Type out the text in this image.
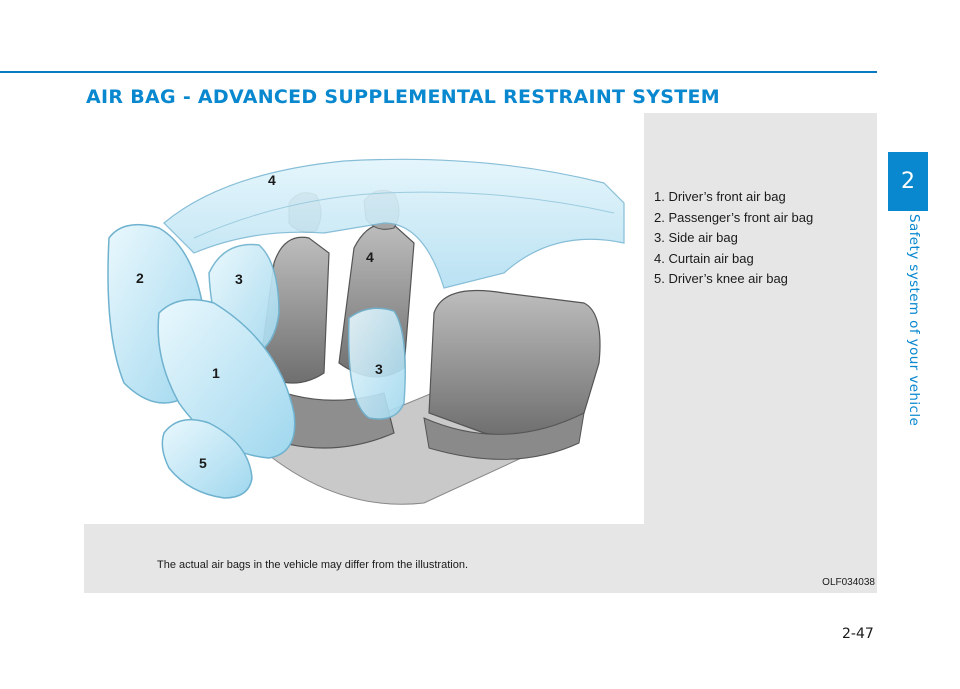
AIR BAG - ADVANCED SUPPLEMENTAL RESTRAINT SYSTEM
4
2	3
4
1	3
5
1. Driver’s front air bag
2. Passenger’s front air bag
3. Side air bag
4. Curtain air bag
5. Driver’s knee air bag
The actual air bags in the vehicle may differ from the illustration.
OLF034038
2
Safety system of your vehicle
2-47
